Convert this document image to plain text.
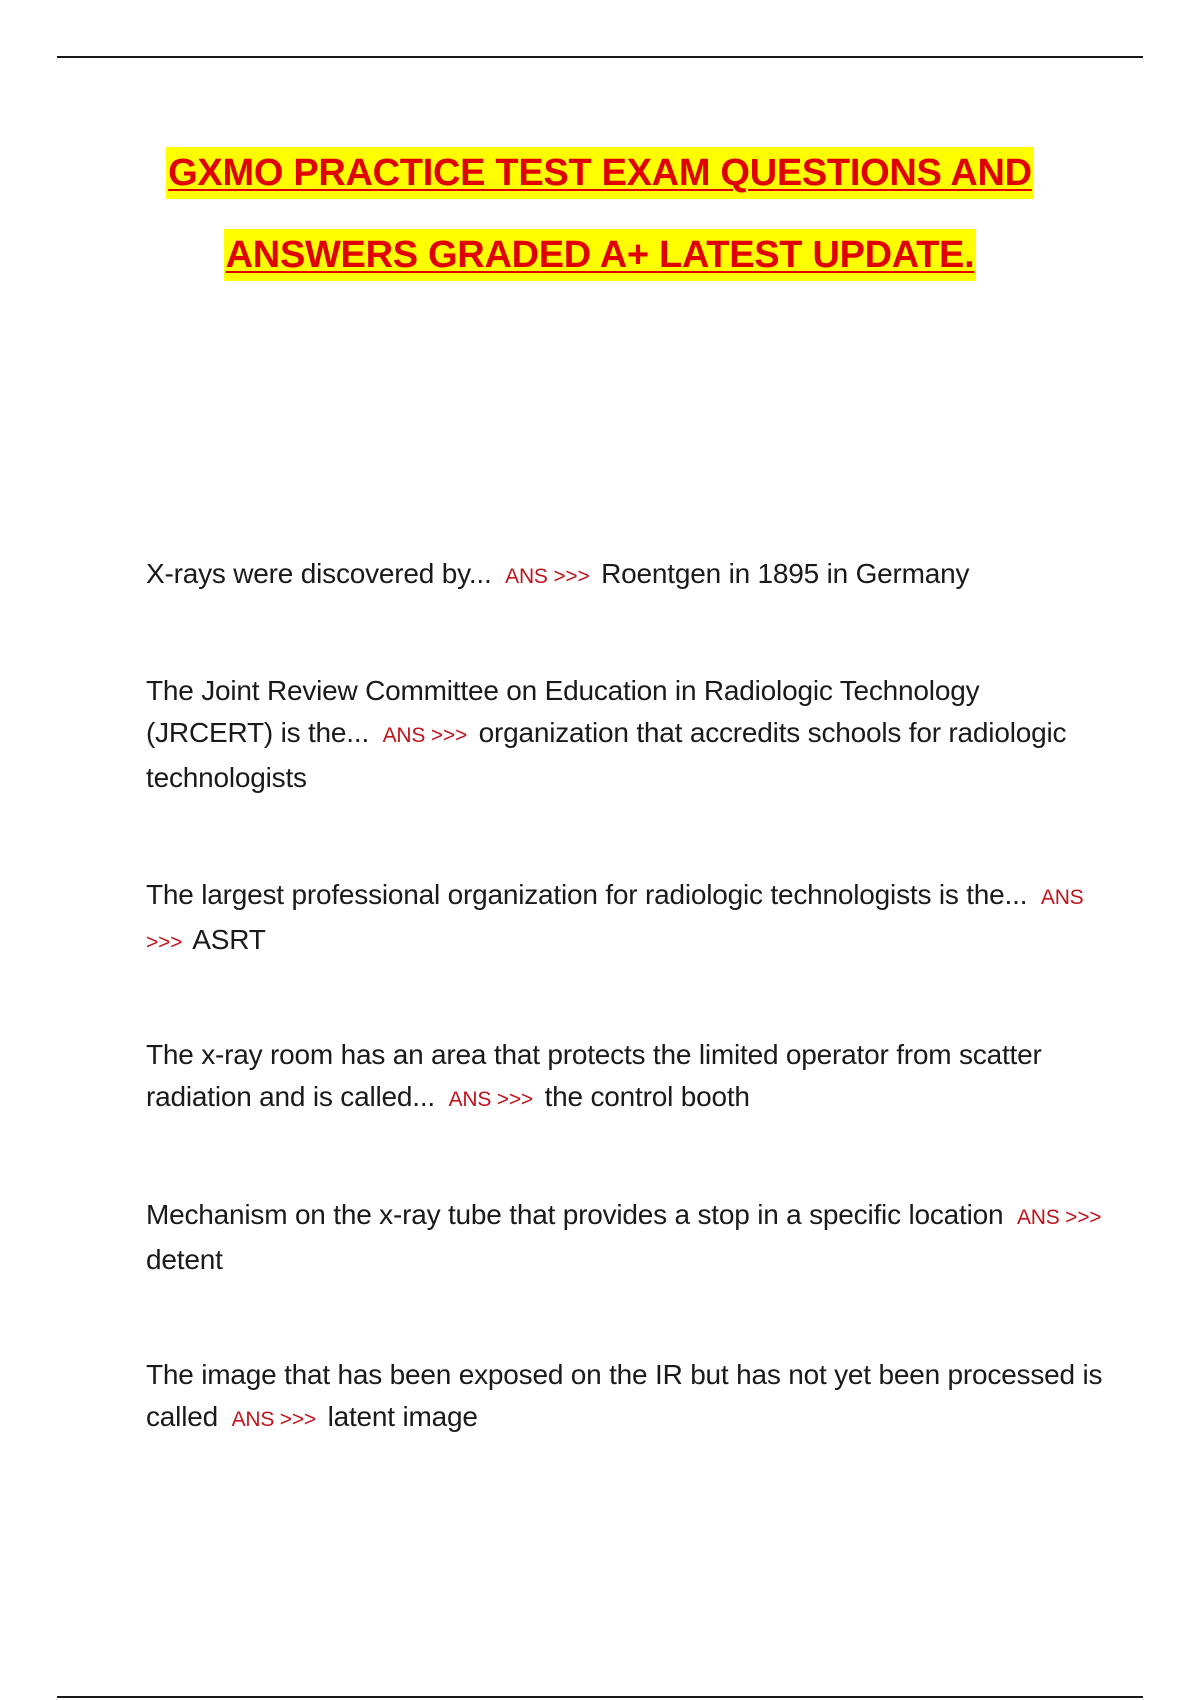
GXMO PRACTICE TEST EXAM QUESTIONS AND
ANSWERS GRADED A+ LATEST UPDATE.
X-rays were discovered by... ANS >>> Roentgen in 1895 in Germany
The Joint Review Committee on Education in Radiologic Technology (JRCERT) is the... ANS >>> organization that accredits schools for radiologic technologists
The largest professional organization for radiologic technologists is the... ANS >>> ASRT
The x-ray room has an area that protects the limited operator from scatter radiation and is called... ANS >>> the control booth
Mechanism on the x-ray tube that provides a stop in a specific location ANS >>> detent
The image that has been exposed on the IR but has not yet been processed is called ANS >>> latent image
